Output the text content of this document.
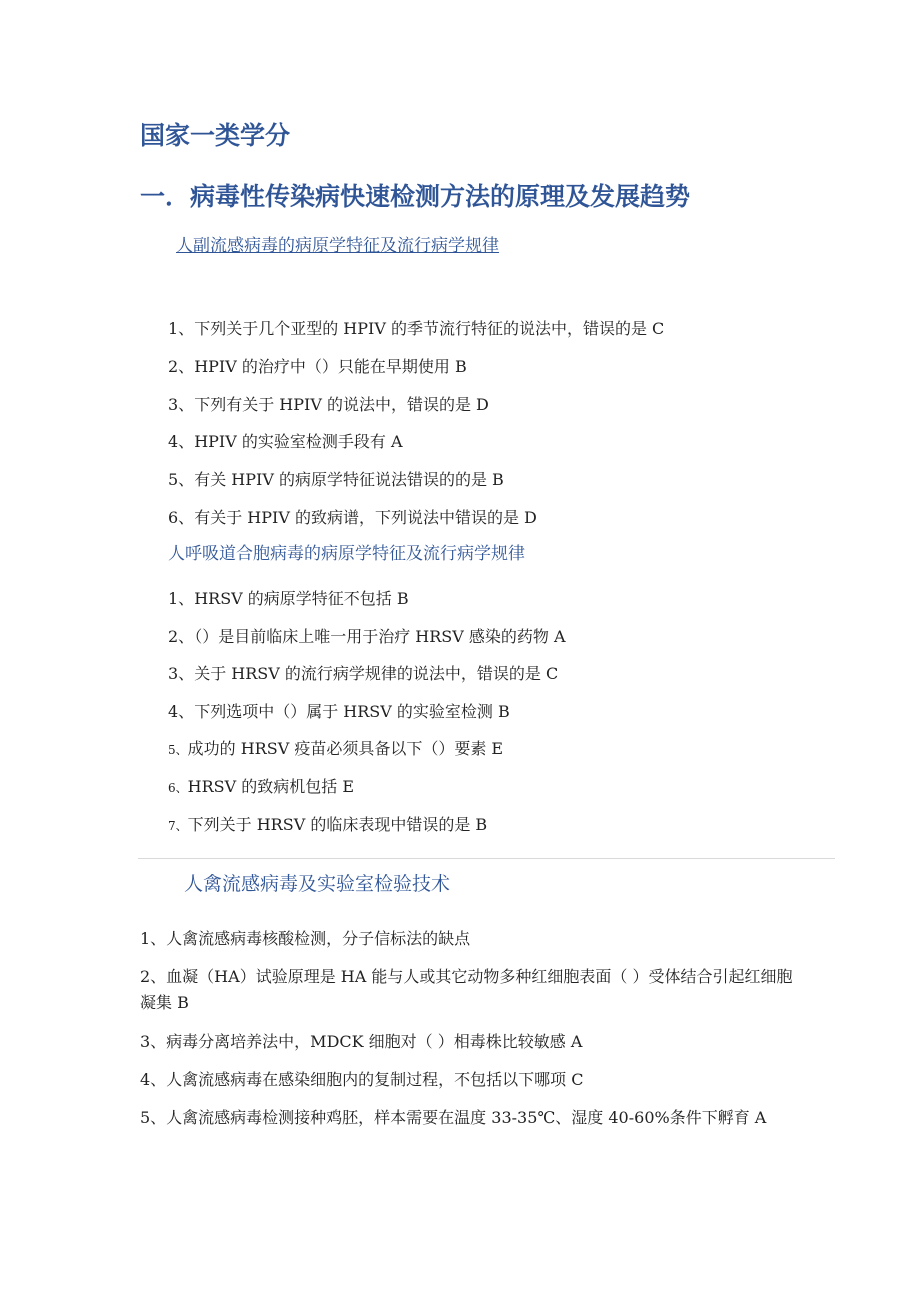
国家一类学分
一．病毒性传染病快速检测方法的原理及发展趋势
人副流感病毒的病原学特征及流行病学规律
1、下列关于几个亚型的 HPIV 的季节流行特征的说法中，错误的是 C
2、HPIV 的治疗中（）只能在早期使用 B
3、下列有关于 HPIV 的说法中，错误的是 D
4、HPIV 的实验室检测手段有 A
5、有关 HPIV 的病原学特征说法错误的的是 B
6、有关于 HPIV 的致病谱，下列说法中错误的是 D
人呼吸道合胞病毒的病原学特征及流行病学规律
1、HRSV 的病原学特征不包括 B
2、（）是目前临床上唯一用于治疗 HRSV 感染的药物 A
3、关于 HRSV 的流行病学规律的说法中，错误的是 C
4、下列选项中（）属于 HRSV 的实验室检测 B
5、成功的 HRSV 疫苗必须具备以下（）要素 E
6、HRSV 的致病机包括 E
7、下列关于 HRSV 的临床表现中错误的是 B
人禽流感病毒及实验室检验技术
1、人禽流感病毒核酸检测，分子信标法的缺点
2、血凝（HA）试验原理是 HA 能与人或其它动物多种红细胞表面（ ）受体结合引起红细胞凝集 B
3、病毒分离培养法中，MDCK 细胞对（ ）相毒株比较敏感 A
4、人禽流感病毒在感染细胞内的复制过程，不包括以下哪项 C
5、人禽流感病毒检测接种鸡胚，样本需要在温度 33-35℃、湿度 40-60%条件下孵育 A
